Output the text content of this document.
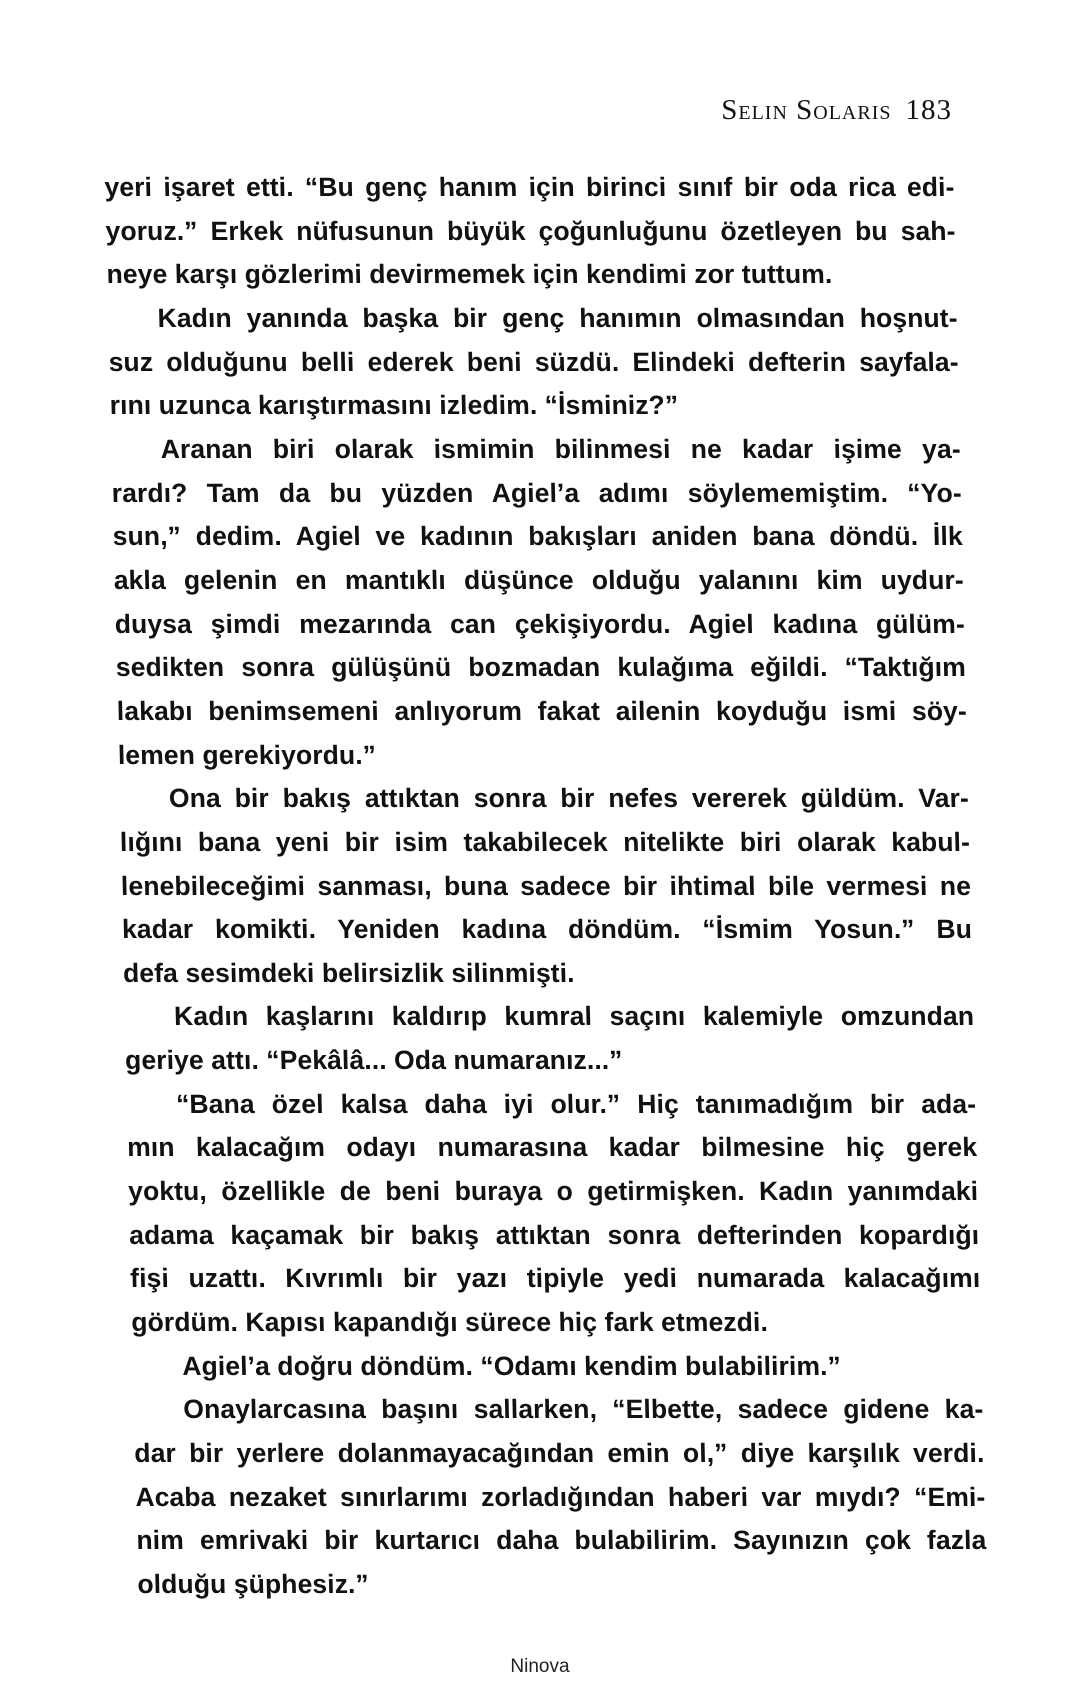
Selin Solaris 183
yeri işaret etti. “Bu genç hanım için birinci sınıf bir oda rica edi-
yoruz.” Erkek nüfusunun büyük çoğunluğunu özetleyen bu sah-
neye karşı gözlerimi devirmemek için kendimi zor tuttum.
Kadın yanında başka bir genç hanımın olmasından hoşnut-
suz olduğunu belli ederek beni süzdü. Elindeki defterin sayfala-
rını uzunca karıştırmasını izledim. “İsminiz?”
Aranan biri olarak ismimin bilinmesi ne kadar işime ya-
rardı? Tam da bu yüzden Agiel’a adımı söylememiştim. “Yo-
sun,” dedim. Agiel ve kadının bakışları aniden bana döndü. İlk
akla gelenin en mantıklı düşünce olduğu yalanını kim uydur-
duysa şimdi mezarında can çekişiyordu. Agiel kadına gülüm-
sedikten sonra gülüşünü bozmadan kulağıma eğildi. “Taktığım
lakabı benimsemeni anlıyorum fakat ailenin koyduğu ismi söy-
lemen gerekiyordu.”
Ona bir bakış attıktan sonra bir nefes vererek güldüm. Var-
lığını bana yeni bir isim takabilecek nitelikte biri olarak kabul-
lenebileceğimi sanması, buna sadece bir ihtimal bile vermesi ne
kadar komikti. Yeniden kadına döndüm. “İsmim Yosun.” Bu
defa sesimdeki belirsizlik silinmişti.
Kadın kaşlarını kaldırıp kumral saçını kalemiyle omzundan
geriye attı. “Pekâlâ... Oda numaranız...”
“Bana özel kalsa daha iyi olur.” Hiç tanımadığım bir ada-
mın kalacağım odayı numarasına kadar bilmesine hiç gerek
yoktu, özellikle de beni buraya o getirmişken. Kadın yanımdaki
adama kaçamak bir bakış attıktan sonra defterinden kopardığı
fişi uzattı. Kıvrımlı bir yazı tipiyle yedi numarada kalacağımı
gördüm. Kapısı kapandığı sürece hiç fark etmezdi.
Agiel’a doğru döndüm. “Odamı kendim bulabilirim.”
Onaylarcasına başını sallarken, “Elbette, sadece gidene ka-
dar bir yerlere dolanmayacağından emin ol,” diye karşılık verdi.
Acaba nezaket sınırlarımı zorladığından haberi var mıydı? “Emi-
nim emrivaki bir kurtarıcı daha bulabilirim. Sayınızın çok fazla
olduğu şüphesiz.”
Ninova
